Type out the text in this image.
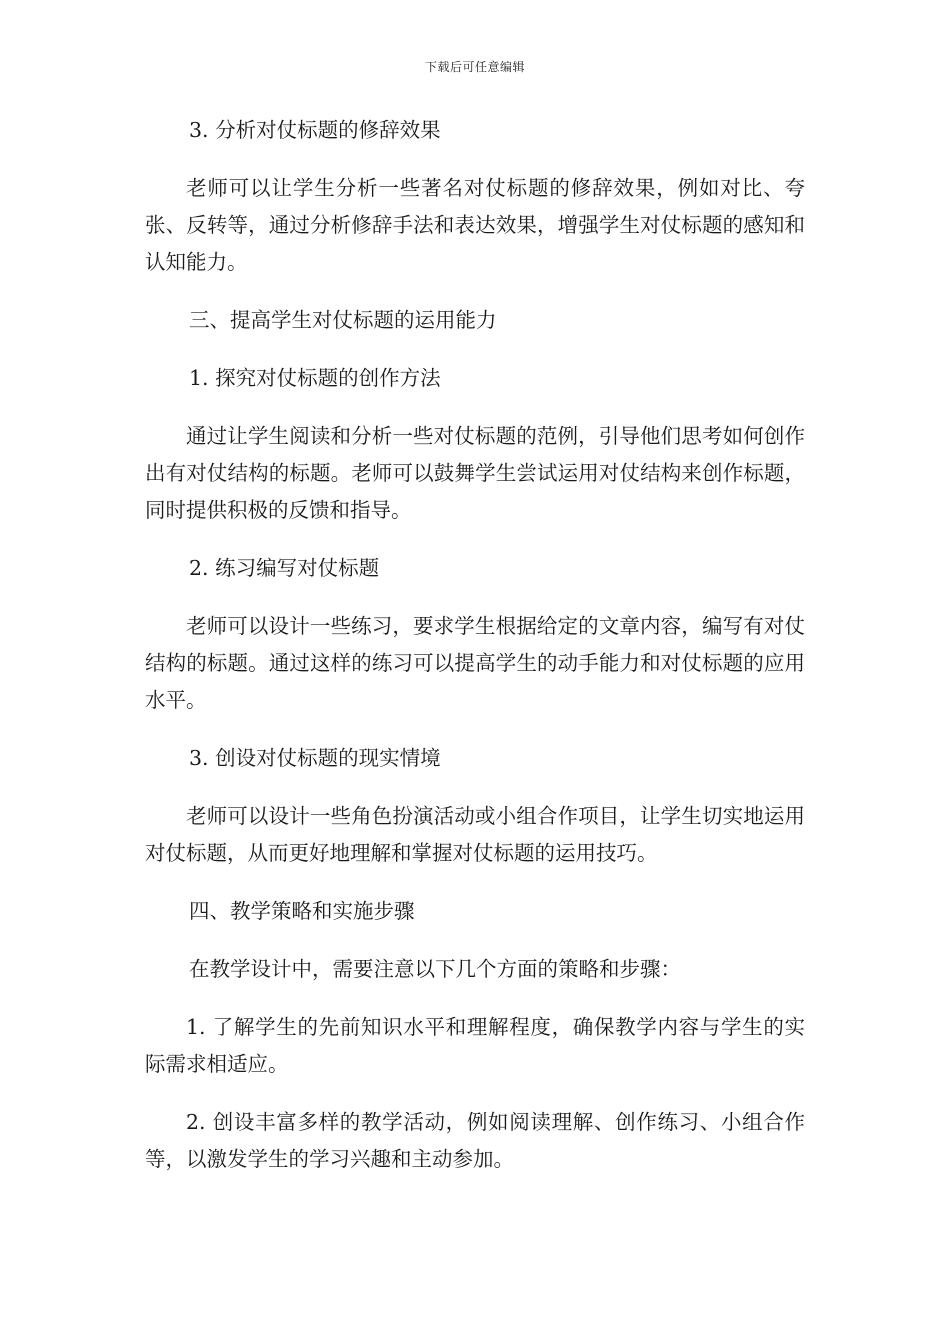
下载后可任意编辑

3. 分析对仗标题的修辞效果

老师可以让学生分析一些著名对仗标题的修辞效果，例如对比、夸张、反转等，通过分析修辞手法和表达效果，增强学生对仗标题的感知和认知能力。

三、提高学生对仗标题的运用能力

1. 探究对仗标题的创作方法

通过让学生阅读和分析一些对仗标题的范例，引导他们思考如何创作出有对仗结构的标题。老师可以鼓舞学生尝试运用对仗结构来创作标题，同时提供积极的反馈和指导。

2. 练习编写对仗标题

老师可以设计一些练习，要求学生根据给定的文章内容，编写有对仗结构的标题。通过这样的练习可以提高学生的动手能力和对仗标题的应用水平。

3. 创设对仗标题的现实情境

老师可以设计一些角色扮演活动或小组合作项目，让学生切实地运用对仗标题，从而更好地理解和掌握对仗标题的运用技巧。

四、教学策略和实施步骤

在教学设计中，需要注意以下几个方面的策略和步骤：

1. 了解学生的先前知识水平和理解程度，确保教学内容与学生的实际需求相适应。

2. 创设丰富多样的教学活动，例如阅读理解、创作练习、小组合作等，以激发学生的学习兴趣和主动参加。
